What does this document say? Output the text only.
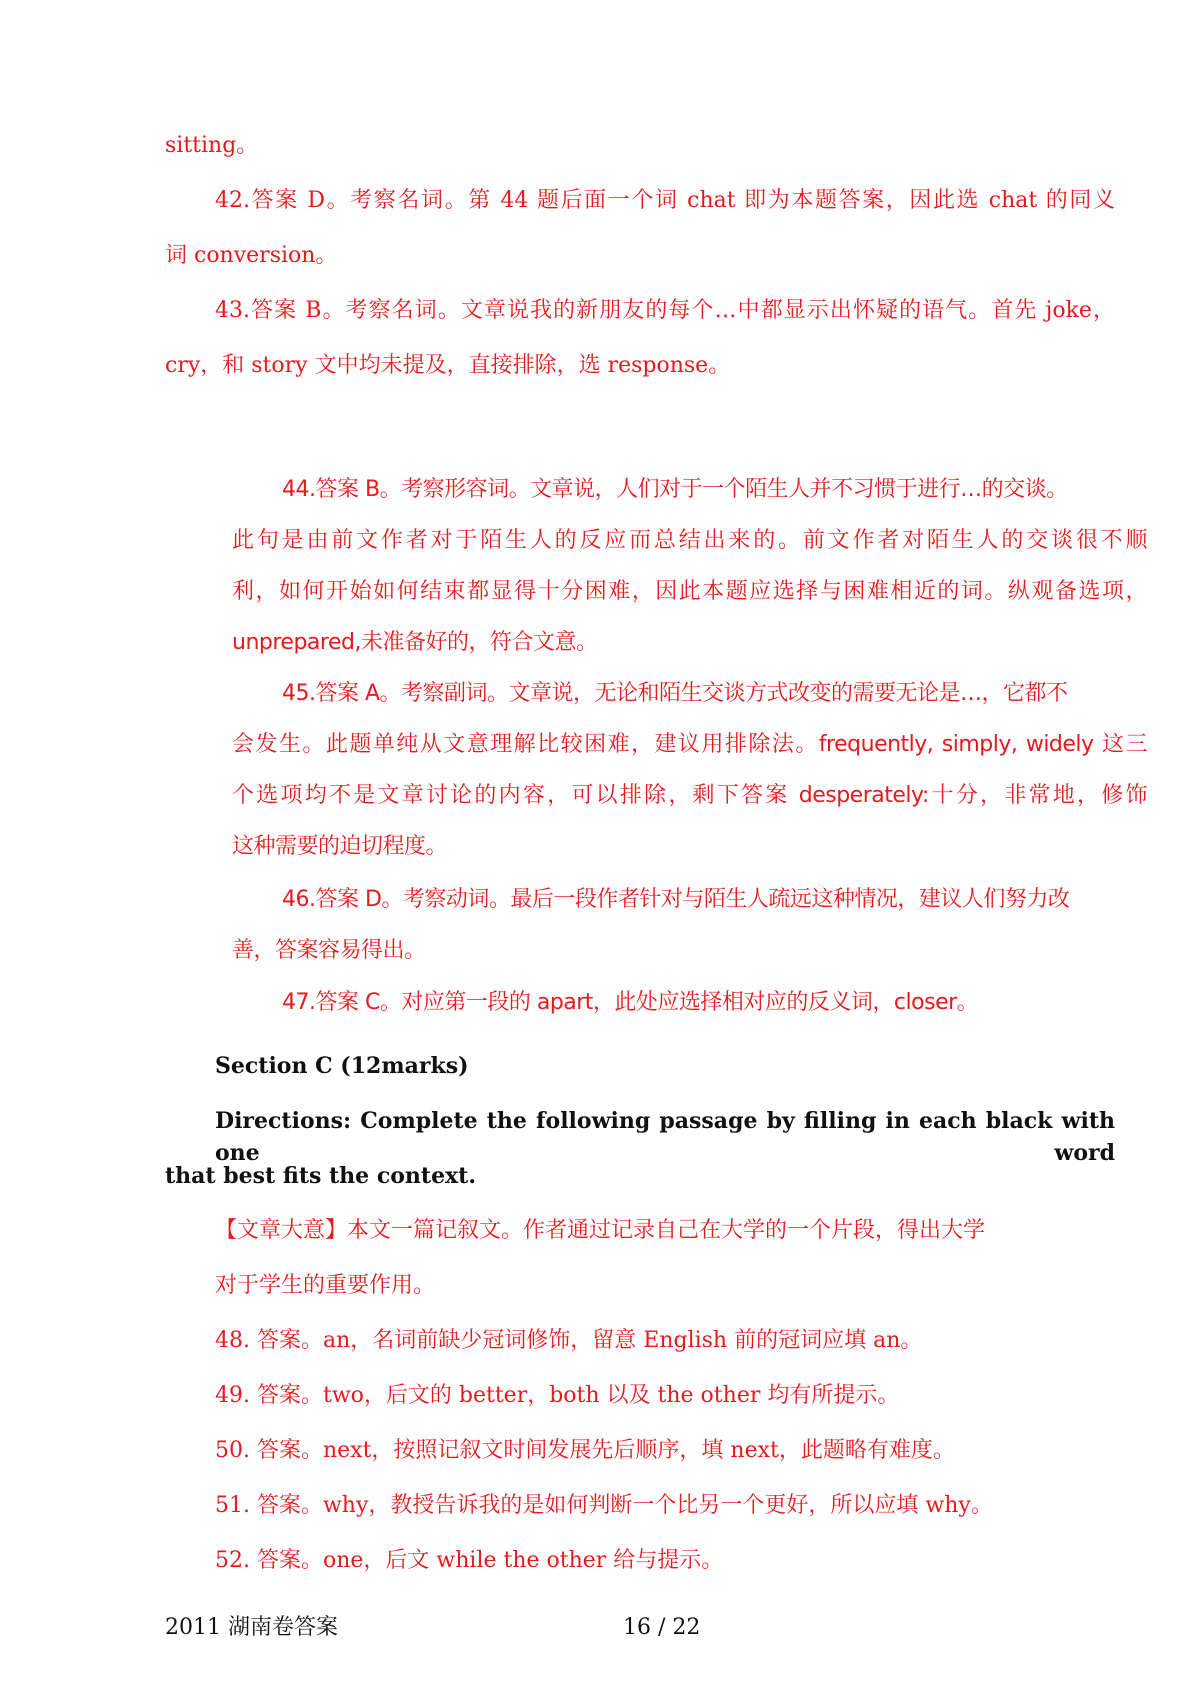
sitting。
42.答案 D。考察名词。第 44 题后面一个词 chat 即为本题答案，因此选 chat 的同义
词 conversion。
43.答案 B。考察名词。文章说我的新朋友的每个…中都显示出怀疑的语气。首先 joke，
cry，和 story 文中均未提及，直接排除，选 response。
44.答案 B。考察形容词。文章说，人们对于一个陌生人并不习惯于进行…的交谈。
此句是由前文作者对于陌生人的反应而总结出来的。前文作者对陌生人的交谈很不顺
利，如何开始如何结束都显得十分困难，因此本题应选择与困难相近的词。纵观备选项，
unprepared,未准备好的，符合文意。
45.答案 A。考察副词。文章说，无论和陌生交谈方式改变的需要无论是…，它都不
会发生。此题单纯从文意理解比较困难，建议用排除法。frequently, simply, widely 这三
个选项均不是文章讨论的内容，可以排除，剩下答案 desperately:十分，非常地，修饰
这种需要的迫切程度。
46.答案 D。考察动词。最后一段作者针对与陌生人疏远这种情况，建议人们努力改
善，答案容易得出。
47.答案 C。对应第一段的 apart，此处应选择相对应的反义词，closer。
Section C (12marks)
Directions: Complete the following passage by filling in each black with one word
that best fits the context.
【文章大意】本文一篇记叙文。作者通过记录自己在大学的一个片段，得出大学
对于学生的重要作用。
48. 答案。an，名词前缺少冠词修饰，留意 English 前的冠词应填 an。
49. 答案。two，后文的 better，both 以及 the other 均有所提示。
50. 答案。next，按照记叙文时间发展先后顺序，填 next，此题略有难度。
51. 答案。why，教授告诉我的是如何判断一个比另一个更好，所以应填 why。
52. 答案。one，后文 while the other 给与提示。
2011 湖南卷答案	16 / 22
